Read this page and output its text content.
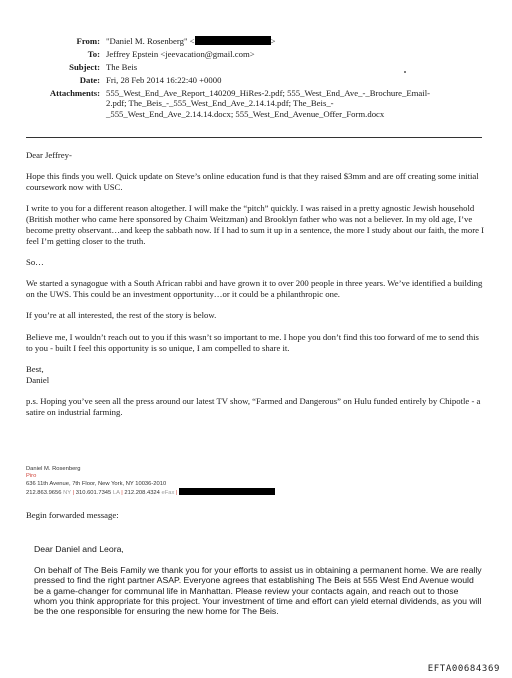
From: "Daniel M. Rosenberg" <	>
To: Jeffrey Epstein <jeevacation@gmail.com>
Subject: The Beis
Date: Fri, 28 Feb 2014 16:22:40 +0000
Attachments: 555_West_End_Ave_Report_140209_HiRes-2.pdf; 555_West_End_Ave_-_Brochure_Email-
2.pdf; The_Beis_-_555_West_End_Ave_2.14.14.pdf; The_Beis_-
_555_West_End_Ave_2.14.14.docx; 555_West_End_Avenue_Offer_Form.docx

Dear Jeffrey-

Hope this finds you well. Quick update on Steve’s online education fund is that they raised $3mm and are off creating some initial coursework now with USC.

I write to you for a different reason altogether. I will make the “pitch” quickly. I was raised in a pretty agnostic Jewish household (British mother who came here sponsored by Chaim Weitzman) and Brooklyn father who was not a believer. In my old age, I’ve become pretty observant…and keep the sabbath now. If I had to sum it up in a sentence, the more I study about our faith, the more I feel I’m getting closer to the truth.

So…

We started a synagogue with a South African rabbi and have grown it to over 200 people in three years. We’ve identified a building on the UWS. This could be an investment opportunity…or it could be a philanthropic one.

If you’re at all interested, the rest of the story is below.

Believe me, I wouldn’t reach out to you if this wasn’t so important to me. I hope you don’t find this too forward of me to send this to you - built I feel this opportunity is so unique, I am compelled to share it.

Best,

Daniel

p.s. Hoping you’ve seen all the press around our latest TV show, “Farmed and Dangerous” on Hulu funded entirely by Chipotle - a satire on industrial farming.

Daniel M. Rosenberg
Piro
636 11th Avenue, 7th Floor, New York, NY 10036-2010
212.863.9656 NY | 310.601.7345 LA | 212.208.4324 eFax |
Begin forwarded message:

Dear Daniel and Leora,

On behalf of The Beis Family we thank you for your efforts to assist us in obtaining a permanent home. We are really pressed to find the right partner ASAP. Everyone agrees that establishing The Beis at 555 West End Avenue would be a game-changer for communal life in Manhattan. Please review your contacts again, and reach out to those whom you think appropriate for this project. Your investment of time and effort can yield eternal dividends, as you will be the one responsible for ensuring the new home for The Beis.

EFTA00684369
